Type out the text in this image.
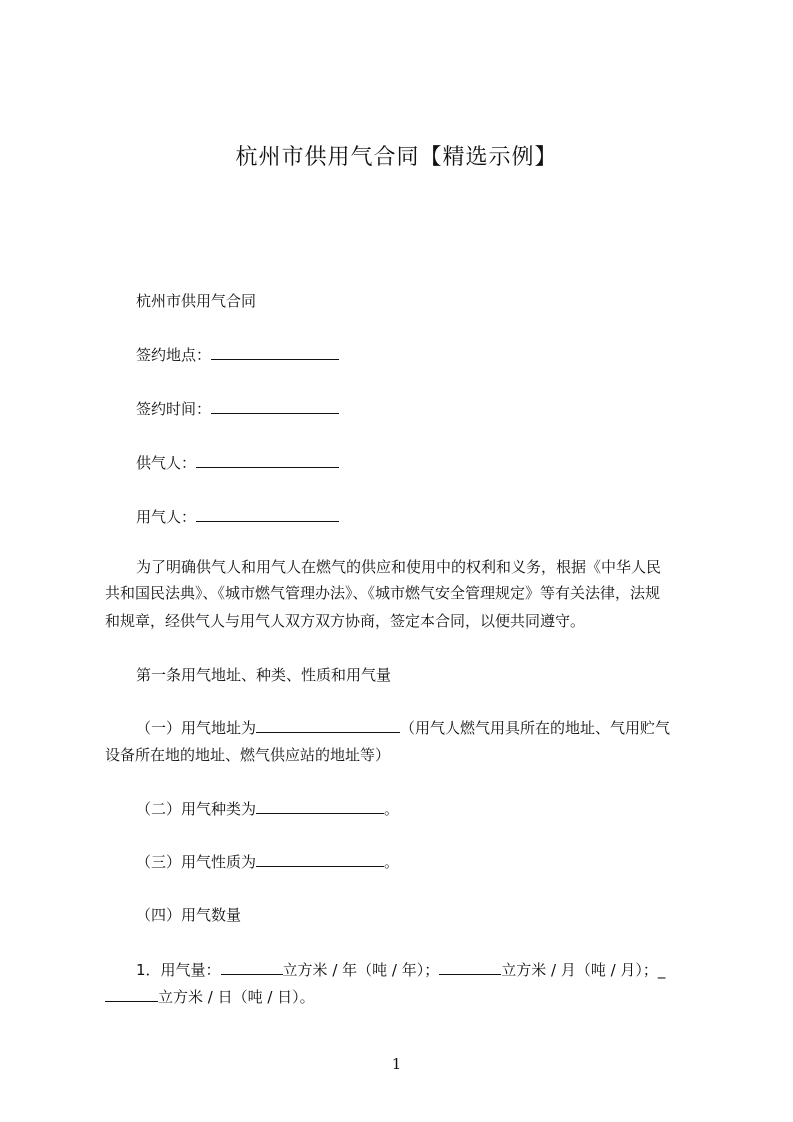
杭州市供用气合同【精选示例】
杭州市供用气合同
签约地点：
签约时间：
供气人：
用气人：
为了明确供气人和用气人在燃气的供应和使用中的权利和义务，根据《中华人民
共和国民法典》、《城市燃气管理办法》、《城市燃气安全管理规定》等有关法律，法规
和规章，经供气人与用气人双方双方协商，签定本合同，以便共同遵守。
第一条用气地址、种类、性质和用气量
（一）用气地址为	（用气人燃气用具所在的地址、气用贮气
设备所在地的地址、燃气供应站的地址等）
（二）用气种类为	。
（三）用气性质为	。
（四）用气数量
1．用气量：	立方米 / 年（吨 / 年）；	立方米 / 月（吨 / 月）；_
立方米 / 日（吨 / 日）。
1
